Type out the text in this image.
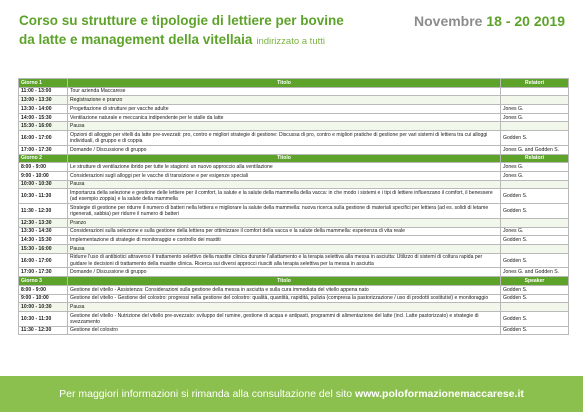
Corso su strutture e tipologie di lettiere per bovine
da latte e management della vitellaia indirizzato a tutti
Novembre 18 - 20 2019
Giorno 1	Titolo	Relatori
11:00 - 13:00	Tour azienda Maccarese	
13:00 - 13:30	Registrazione e pranzo	
13:30 - 14:00	Progettazione di strutture per vacche adulte	Jones G.
14:00 - 15:30	Ventilazione naturale e meccanica indipendente per le stalle da latte	Jones G.
15:30 - 16:00	Pausa	
16:00 - 17:00	Opzioni di alloggio per vitelli da latte pre-svezzati: pro, contro e migliori strategie di gestione: Discussa di pro, contro e migliori pratiche di gestione per vari sistemi di lettiera tra cui alloggi individuali, di gruppo e di coppia	Godden S.
17:00 - 17:30	Domande / Discussione di gruppo	Jones G. and Godden S.
Giorno 2	Titolo	Relatori
8:00 - 9:00	Le strutture di ventilazione ibrido per tutte le stagioni: un nuovo approccio alla ventilazione	Jones G.
9:00 - 10:00	Considerazioni sugli alloggi per le vacche di transizione e per esigenze speciali	Jones G.
10:00 - 10:30	Pausa	
10:30 - 11:30	Importanza della selezione e gestione delle lettiere per il comfort, la salute e la salute della mammella della vacca: in che modo i sistemi e i tipi di lettiere influenzano il comfort, il benessere (ad esempio zoppia) e la salute della mammella	Godden S.
11:30 - 12:30	Strategie di gestione per ridurre il numero di batteri nella lettiera e migliorare la salute della mammella: nuova ricerca sulla gestione di materiali specifici per lettiera (ad es. solidi di letame rigenerati, sabbia) per ridurre il numero di batteri	Godden S.
12:30 - 13:30	Pranzo	
13:30 - 14:30	Considerazioni sulla selezione e sulla gestione della lettiera per ottimizzare il comfort della vacca e la salute della mammella: esperienza di vita reale	Jones G.
14:30 - 15:30	Implementazione di strategie di monitoraggio e controllo dei mastiti	Godden S.
15:30 - 16:00	Pausa	
16:00 - 17:00	Ridurre l'uso di antibiotici attraverso il trattamento selettivo della mastite clinica durante l'allattamento e la terapia selettiva alla messa in asciutta: Utilizzo di sistemi di coltura rapida per guidare le decisioni di trattamento della mastite clinica. Ricerca sui diversi approcci riusciti alla terapia selettiva per la messa in asciutta	Godden S.
17:00 - 17:30	Domande / Discussione di gruppo	Jones G. and Godden S.
Giorno 3	Titolo	Speaker
8:00 - 9:00	Gestione del vitello - Assistenza: Considerazioni sulla gestione della messa in asciutta e sulla cura immediata del vitello appena nato	Godden S.
9:00 - 10:00	Gestione del vitello - Gestione del colostro: progressi nella gestione del colostro: qualità, quantità, rapidità, pulizia (compresa la pastorizzazione / uso di prodotti sostitutivi) e monitoraggio	Godden S.
10:00 - 10:30	Pausa	
10:30 - 11:30	Gestione del vitello - Nutrizione del vitello pre-svezzato: sviluppo del rumine, gestione di acqua e antipasti, programmi di alimentazione del latte (incl. Latte pastorizzato) e strategie di svezzamento	Godden S.
11:30 - 12:30	Gestione del colostro	Godden S.
Per maggiori informazioni si rimanda alla consultazione del sito www.poloformazionemaccarese.it
